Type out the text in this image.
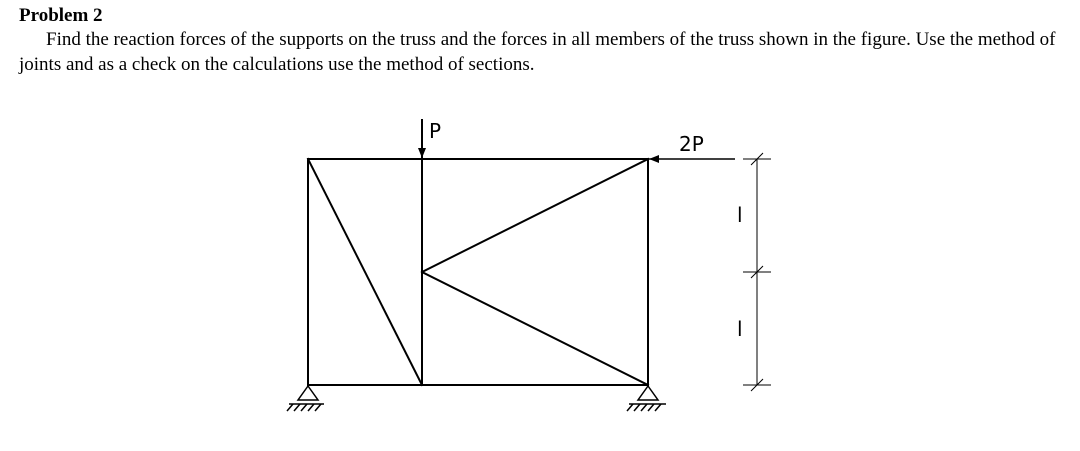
Problem 2

Find the reaction forces of the supports on the truss and the forces in all members of the truss shown in the figure. Use the method of joints and as a check on the calculations use the method of sections.

P
2P
l
l
